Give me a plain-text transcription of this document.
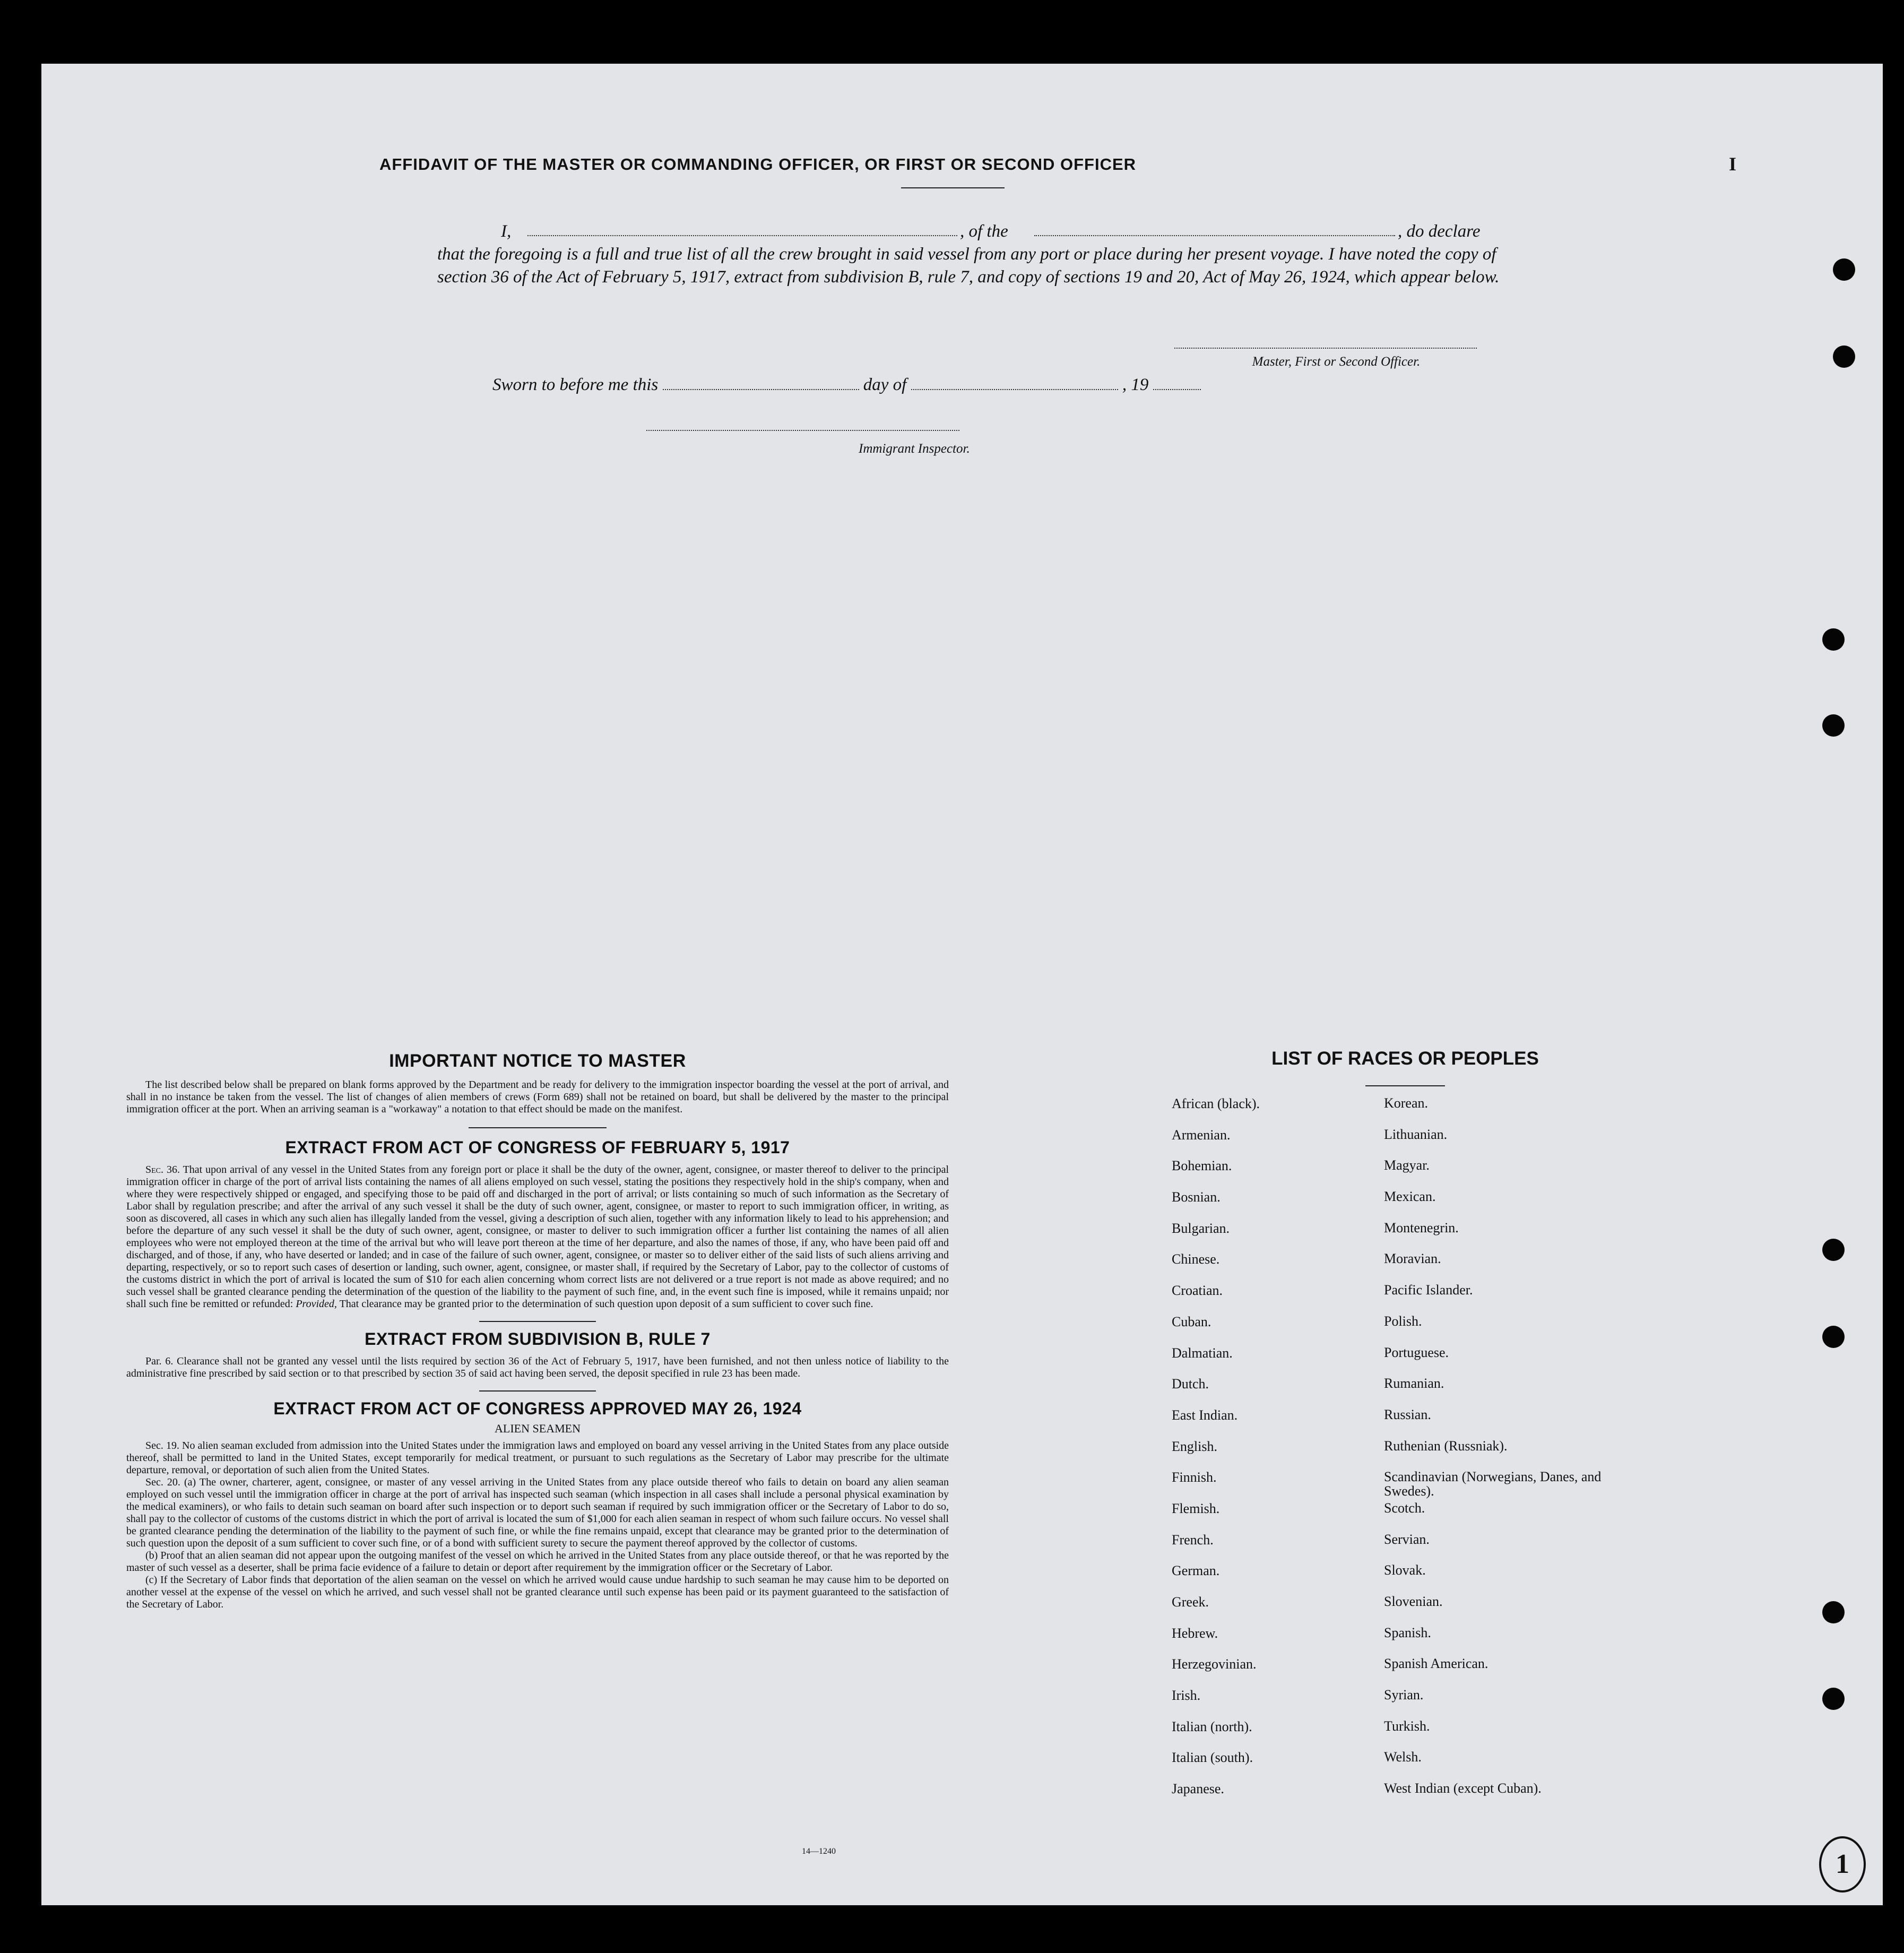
I
AFFIDAVIT OF THE MASTER OR COMMANDING OFFICER, OR FIRST OR SECOND OFFICER
I,	, of the	, do declare
that the foregoing is a full and true list of all the crew brought in said vessel from any port or place during her present voyage. I have noted the copy of section 36 of the Act of February 5, 1917, extract from subdivision B, rule 7, and copy of sections 19 and 20, Act of May 26, 1924, which appear below.
Master, First or Second Officer.
Sworn to before me this	day of	, 19
Immigrant Inspector.
IMPORTANT NOTICE TO MASTER

The list described below shall be prepared on blank forms approved by the Department and be ready for delivery to the immigration inspector boarding the vessel at the port of arrival, and shall in no instance be taken from the vessel. The list of changes of alien members of crews (Form 689) shall not be retained on board, but shall be delivered by the master to the principal immigration officer at the port. When an arriving seaman is a "workaway" a notation to that effect should be made on the manifest.

EXTRACT FROM ACT OF CONGRESS OF FEBRUARY 5, 1917

Sec. 36. That upon arrival of any vessel in the United States from any foreign port or place it shall be the duty of the owner, agent, consignee, or master thereof to deliver to the principal immigration officer in charge of the port of arrival lists containing the names of all aliens employed on such vessel, stating the positions they respectively hold in the ship's company, when and where they were respectively shipped or engaged, and specifying those to be paid off and discharged in the port of arrival; or lists containing so much of such information as the Secretary of Labor shall by regulation prescribe; and after the arrival of any such vessel it shall be the duty of such owner, agent, consignee, or master to report to such immigration officer, in writing, as soon as discovered, all cases in which any such alien has illegally landed from the vessel, giving a description of such alien, together with any information likely to lead to his apprehension; and before the departure of any such vessel it shall be the duty of such owner, agent, consignee, or master to deliver to such immigration officer a further list containing the names of all alien employees who were not employed thereon at the time of the arrival but who will leave port thereon at the time of her departure, and also the names of those, if any, who have been paid off and discharged, and of those, if any, who have deserted or landed; and in case of the failure of such owner, agent, consignee, or master so to deliver either of the said lists of such aliens arriving and departing, respectively, or so to report such cases of desertion or landing, such owner, agent, consignee, or master shall, if required by the Secretary of Labor, pay to the collector of customs of the customs district in which the port of arrival is located the sum of $10 for each alien concerning whom correct lists are not delivered or a true report is not made as above required; and no such vessel shall be granted clearance pending the determination of the question of the liability to the payment of such fine, and, in the event such fine is imposed, while it remains unpaid; nor shall such fine be remitted or refunded: Provided, That clearance may be granted prior to the determination of such question upon deposit of a sum sufficient to cover such fine.

EXTRACT FROM SUBDIVISION B, RULE 7

Par. 6. Clearance shall not be granted any vessel until the lists required by section 36 of the Act of February 5, 1917, have been furnished, and not then unless notice of liability to the administrative fine prescribed by said section or to that prescribed by section 35 of said act having been served, the deposit specified in rule 23 has been made.

EXTRACT FROM ACT OF CONGRESS APPROVED MAY 26, 1924
ALIEN SEAMEN

Sec. 19. No alien seaman excluded from admission into the United States under the immigration laws and employed on board any vessel arriving in the United States from any place outside thereof, shall be permitted to land in the United States, except temporarily for medical treatment, or pursuant to such regulations as the Secretary of Labor may prescribe for the ultimate departure, removal, or deportation of such alien from the United States.

Sec. 20. (a) The owner, charterer, agent, consignee, or master of any vessel arriving in the United States from any place outside thereof who fails to detain on board any alien seaman employed on such vessel until the immigration officer in charge at the port of arrival has inspected such seaman (which inspection in all cases shall include a personal physical examination by the medical examiners), or who fails to detain such seaman on board after such inspection or to deport such seaman if required by such immigration officer or the Secretary of Labor to do so, shall pay to the collector of customs of the customs district in which the port of arrival is located the sum of $1,000 for each alien seaman in respect of whom such failure occurs. No vessel shall be granted clearance pending the determination of the liability to the payment of such fine, or while the fine remains unpaid, except that clearance may be granted prior to the determination of such question upon the deposit of a sum sufficient to cover such fine, or of a bond with sufficient surety to secure the payment thereof approved by the collector of customs.

(b) Proof that an alien seaman did not appear upon the outgoing manifest of the vessel on which he arrived in the United States from any place outside thereof, or that he was reported by the master of such vessel as a deserter, shall be prima facie evidence of a failure to detain or deport after requirement by the immigration officer or the Secretary of Labor.

(c) If the Secretary of Labor finds that deportation of the alien seaman on the vessel on which he arrived would cause undue hardship to such seaman he may cause him to be deported on another vessel at the expense of the vessel on which he arrived, and such vessel shall not be granted clearance until such expense has been paid or its payment guaranteed to the satisfaction of the Secretary of Labor.

14—1240
LIST OF RACES OR PEOPLES
African (black).	Korean.
Armenian.	Lithuanian.
Bohemian.	Magyar.
Bosnian.	Mexican.
Bulgarian.	Montenegrin.
Chinese.	Moravian.
Croatian.	Pacific Islander.
Cuban.	Polish.
Dalmatian.	Portuguese.
Dutch.	Rumanian.
East Indian.	Russian.
English.	Ruthenian (Russniak).
Finnish.	Scandinavian (Norwegians, Danes, and Swedes).
Flemish.	Scotch.
French.	Servian.
German.	Slovak.
Greek.	Slovenian.
Hebrew.	Spanish.
Herzegovinian.	Spanish American.
Irish.	Syrian.
Italian (north).	Turkish.
Italian (south).	Welsh.
Japanese.	West Indian (except Cuban).
1
